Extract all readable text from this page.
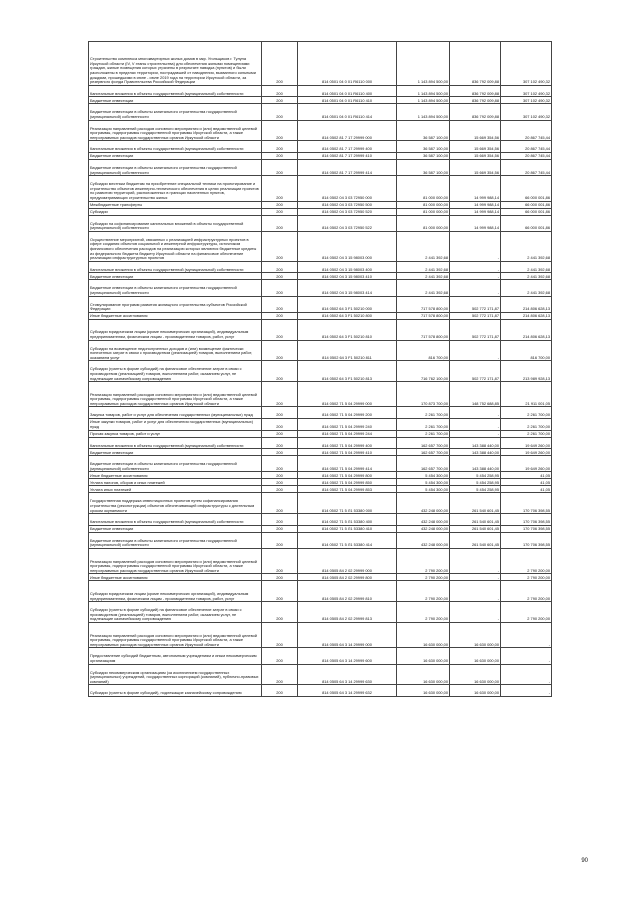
Строительство комплекса многоквартирных жилых домов в мкр. Угольщиков г. Тулуна Иркутской области (IV, V этапы строительства) для обеспечения жилыми помещениями граждан, жилые помещения которых утрачены в результате паводка (пунктов) и были расположены в пределах территории, пострадавшей от наводнения, вызванного сильными дождями, прошедшими в июне - июле 2019 года на территории Иркутской области, за резервного фонда Правительства Российской Федерации	200	814 0501 04 0 01 R6110 000	1 143 894 500,00	836 792 009,88	307 102 490,32
Капитальные вложения в объекты государственной (муниципальной) собственности	200	814 0501 04 0 01 R6110 400	1 143 894 500,00	836 792 009,88	307 102 490,32
Бюджетные инвестиции	200	814 0501 04 0 01 R6110 410	1 143 894 500,00	836 792 009,88	307 102 490,32
Бюджетные инвестиции в объекты капитального строительства государственной (муниципальной) собственности	200	814 0501 04 0 01 R6110 414	1 143 894 500,00	836 792 009,88	307 102 490,32
Реализация направлений расходов основного мероприятия и (или) ведомственной целевой программы, подпрограммы государственной программы Иркутской области, а также непрограммных расходов государственных органов Иркутской области	200	814 0502 81 7 17 29999 000	36 587 100,00	15 669 354,56	20 867 745,44
Капитальные вложения в объекты государственной (муниципальной) собственности	200	814 0502 81 7 17 29999 400	36 587 100,00	15 669 354,56	20 867 745,44
Бюджетные инвестиции	200	814 0502 81 7 17 29999 410	36 587 100,00	15 669 354,56	20 867 745,44
Бюджетные инвестиции в объекты капитального строительства государственной (муниципальной) собственности	200	814 0502 81 7 17 29999 414	36 587 100,00	15 669 354,56	20 867 745,44
Субсидии местным бюджетам на приобретение специальной техники на проектирование и строительство объектов инженерно-технического обеспечения в целях реализации проектов по развитию территорий, расположенных в границах населенных пунктов, предусматривающих строительство жилья	200	814 0502 04 3 03 72950 000	81 000 000,00	14 999 988,14	66 000 001,86
Межбюджетные трансферты	200	814 0502 04 3 03 72950 500	81 000 000,00	14 999 988,14	66 000 001,86
Субсидии	200	814 0502 04 3 03 72950 520	81 000 000,00	14 999 988,14	66 000 001,86
Субсидии на софинансирование капитальных вложений в объекты государственной (муниципальной) собственности	200	814 0502 04 3 03 72950 522	81 000 000,00	14 999 988,14	66 000 001,86
Осуществление мероприятий, связанных с реализацией инфраструктурных проектов в сфере создания объектов социальной и инженерной инфраструктуры, источником финансового обеспечения расходов на реализацию которых являются бюджетные кредиты из федерального бюджета бюджету Иркутской области на финансовое обеспечение реализации инфраструктурных проектов	200	814 0502 04 3 15 98003 000	2 441 392,68	-	2 441 392,68
Капитальные вложения в объекты государственной (муниципальной) собственности	200	814 0502 04 3 15 98003 400	2 441 392,68	-	2 441 392,68
Бюджетные инвестиции	200	814 0502 04 3 15 98003 410	2 441 392,68	-	2 441 392,68
Бюджетные инвестиции в объекты капитального строительства государственной (муниципальной) собственности	200	814 0502 04 3 15 98003 414	2 441 392,68	-	2 441 392,68
Стимулирование программ развития жилищного строительства субъектов Российской Федерации	200	814 0502 64 3 F1 50210 000	717 578 800,00	502 772 171,87	214 806 628,13
Иные бюджетные ассигнования	200	814 0502 64 3 F1 50210 800	717 578 800,00	502 772 171,87	214 806 628,13
Субсидии юридическим лицам (кроме некоммерческих организаций), индивидуальным предпринимателям, физическим лицам - производителям товаров, работ, услуг	200	814 0502 64 3 F1 50210 810	717 578 800,00	502 772 171,87	214 806 628,13
Субсидии на возмещение недополученных доходов и (или) возмещение фактически понесенных затрат в связи с производством (реализацией) товаров, выполнением работ, оказанием услуг	200	814 0502 64 3 F1 50210 811	816 700,00	-	816 700,00
Субсидии (гранты в форме субсидий) на финансовое обеспечение затрат в связи с производством (реализацией) товаров, выполнением работ, оказанием услуг, не подлежащие казначейскому сопровождению	200	814 0502 64 3 F1 50210 813	716 762 100,00	502 772 171,87	213 989 928,13
Реализация направлений расходов основного мероприятия и (или) ведомственной целевой программы, подпрограммы государственной программы Иркутской области, а также непрограммных расходов государственных органов Иркутской области	200	814 0502 71 5 04 29999 000	170 873 700,00	148 752 688,85	21 911 001,05
Закупка товаров, работ и услуг для обеспечения государственных (муниципальных) нужд	200	814 0502 71 5 04 29999 200	2 261 700,00	-	2 261 700,00
Иные закупки товаров, работ и услуг для обеспечения государственных (муниципальных) нужд	200	814 0502 71 5 04 29999 240	2 261 700,00	-	2 261 700,00
Прочая закупка товаров, работ и услуг	200	814 0502 71 5 04 29999 244	2 261 700,00	-	2 261 700,00
Капитальные вложения в объекты государственной (муниципальной) собственности	200	814 0502 71 5 04 29999 400	162 657 700,00	143 388 440,00	19 649 260,00
Бюджетные инвестиции	200	814 0502 71 5 04 29999 410	162 657 700,00	143 388 440,00	19 649 260,00
Бюджетные инвестиции в объекты капитального строительства государственной (муниципальной) собственности	200	814 0502 71 5 04 29999 414	162 657 700,00	143 388 440,00	19 649 260,00
Иные бюджетные ассигнования	200	814 0502 71 5 04 29999 800	5 454 300,00	5 454 258,95	41,05
Уплата налогов, сборов и иных платежей	200	814 0502 71 5 04 29999 850	5 454 300,00	5 454 258,95	41,05
Уплата иных платежей	200	814 0502 71 5 04 29999 853	5 454 300,00	5 454 258,95	41,05
Государственная поддержка инвестиционных проектов путем софинансирования строительства (реконструкции) объектов обеспечивающей инфраструктуры с длительным сроком окупаемости	200	814 0502 71 5 Л1 53380 000	432 248 000,00	261 540 601,45	170 706 398,55
Капитальные вложения в объекты государственной (муниципальной) собственности	200	814 0502 71 5 Л1 53380 400	432 248 000,00	261 540 601,45	170 706 398,55
Бюджетные инвестиции	200	814 0502 71 5 Л1 53380 410	432 248 000,00	261 540 601,45	170 706 398,55
Бюджетные инвестиции в объекты капитального строительства государственной (муниципальной) собственности	200	814 0502 71 5 Л1 53380 414	432 248 000,00	261 540 601,45	170 706 398,55
Реализация направлений расходов основного мероприятия и (или) ведомственной целевой программы, подпрограммы государственной программы Иркутской области, а также непрограммных расходов государственных органов Иркутской области	200	814 0505 84 2 02 29999 000	2 790 200,00	-	2 790 200,00
Иные бюджетные ассигнования	200	814 0505 84 2 02 29999 800	2 790 200,00	-	2 790 200,00
Субсидии юридическим лицам (кроме некоммерческих организаций), индивидуальным предпринимателям, физическим лицам - производителям товаров, работ, услуг	200	814 0505 84 2 02 29999 810	2 790 200,00	-	2 790 200,00
Субсидии (гранты в форме субсидий) на финансовое обеспечение затрат в связи с производством (реализацией) товаров, выполнением работ, оказанием услуг, не подлежащие казначейскому сопровождению	200	814 0505 84 2 02 29999 813	2 790 200,00	-	2 790 200,00
Реализация направлений расходов основного мероприятия и (или) ведомственной целевой программы, подпрограммы государственной программы Иркутской области, а также непрограммных расходов государственных органов Иркутской области	200	814 0505 64 3 14 29999 000	16 630 000,00	16 630 000,00	-
Предоставление субсидий бюджетным, автономным учреждениям и иным некоммерческим организациям	200	814 0505 64 3 14 29999 600	16 630 000,00	16 630 000,00	-
Субсидии некоммерческим организациям (за исключением государственных (муниципальных) учреждений, государственных корпораций (компаний), публично-правовых компаний)	200	814 0505 64 3 14 29999 630	16 630 000,00	16 630 000,00	-
Субсидии (гранты в форме субсидий), подлежащие казначейскому сопровождению	200	814 0505 64 3 14 29999 632	16 630 000,00	16 630 000,00	-
90
